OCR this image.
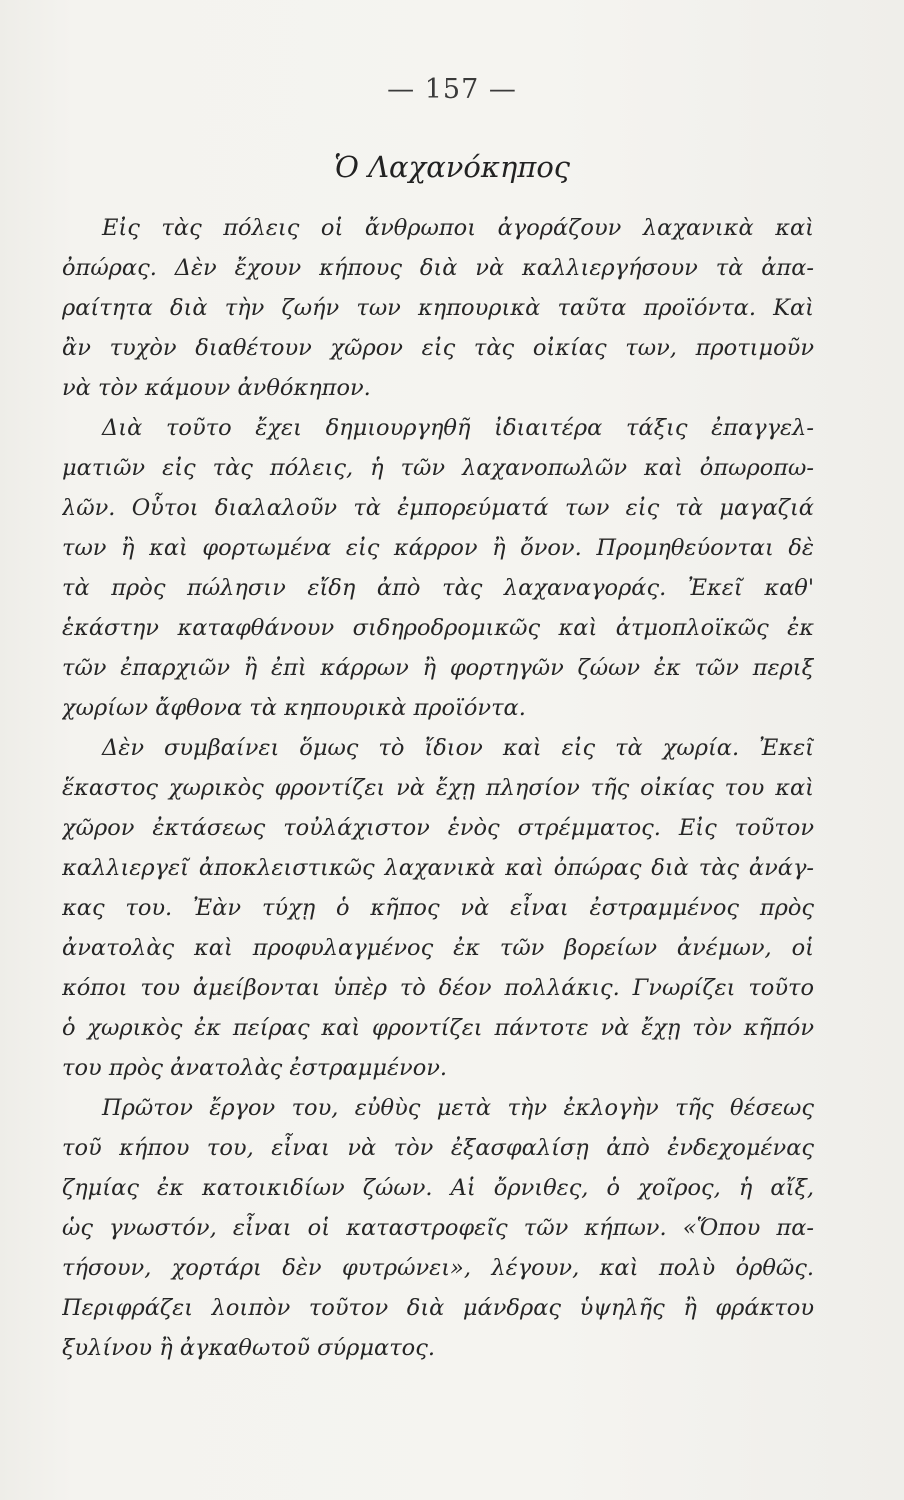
— 157 —
Ὁ Λαχανόκηπος
Εἰς τὰς πόλεις οἱ ἄνθρωποι ἀγοράζουν λαχανικὰ καὶ
ὀπώρας. Δὲν ἔχουν κήπους διὰ νὰ καλλιεργήσουν τὰ ἀπα-
ραίτητα διὰ τὴν ζωήν των κηπουρικὰ ταῦτα προϊόντα. Καὶ
ἂν τυχὸν διαθέτουν χῶρον εἰς τὰς οἰκίας των, προτιμοῦν
νὰ τὸν κάμουν ἀνθόκηπον.
Διὰ τοῦτο ἔχει δημιουργηθῆ ἰδιαιτέρα τάξις ἐπαγγελ-
ματιῶν εἰς τὰς πόλεις, ἡ τῶν λαχανοπωλῶν καὶ ὀπωροπω-
λῶν. Οὗτοι διαλαλοῦν τὰ ἐμπορεύματά των εἰς τὰ μαγαζιά
των ἢ καὶ φορτωμένα εἰς κάρρον ἢ ὄνον. Προμηθεύονται δὲ
τὰ πρὸς πώλησιν εἴδη ἀπὸ τὰς λαχαναγοράς. Ἐκεῖ καθ'
ἑκάστην καταφθάνουν σιδηροδρομικῶς καὶ ἀτμοπλοϊκῶς ἐκ
τῶν ἐπαρχιῶν ἢ ἐπὶ κάρρων ἢ φορτηγῶν ζώων ἐκ τῶν περιξ
χωρίων ἄφθονα τὰ κηπουρικὰ προϊόντα.
Δὲν συμβαίνει ὅμως τὸ ἴδιον καὶ εἰς τὰ χωρία. Ἐκεῖ
ἕκαστος χωρικὸς φροντίζει νὰ ἔχῃ πλησίον τῆς οἰκίας του καὶ
χῶρον ἐκτάσεως τοὐλάχιστον ἑνὸς στρέμματος. Εἰς τοῦτον
καλλιεργεῖ ἀποκλειστικῶς λαχανικὰ καὶ ὀπώρας διὰ τὰς ἀνάγ-
κας του. Ἐὰν τύχῃ ὁ κῆπος νὰ εἶναι ἐστραμμένος πρὸς
ἀνατολὰς καὶ προφυλαγμένος ἐκ τῶν βορείων ἀνέμων, οἱ
κόποι του ἀμείβονται ὑπὲρ τὸ δέον πολλάκις. Γνωρίζει τοῦτο
ὁ χωρικὸς ἐκ πείρας καὶ φροντίζει πάντοτε νὰ ἔχῃ τὸν κῆπόν
του πρὸς ἀνατολὰς ἐστραμμένον.
Πρῶτον ἔργον του, εὐθὺς μετὰ τὴν ἐκλογὴν τῆς θέσεως
τοῦ κήπου του, εἶναι νὰ τὸν ἐξασφαλίσῃ ἀπὸ ἐνδεχομένας
ζημίας ἐκ κατοικιδίων ζώων. Αἱ ὄρνιθες, ὁ χοῖρος, ἡ αἴξ,
ὡς γνωστόν, εἶναι οἱ καταστροφεῖς τῶν κήπων. «Ὅπου πα-
τήσουν, χορτάρι δὲν φυτρώνει», λέγουν, καὶ πολὺ ὀρθῶς.
Περιφράζει λοιπὸν τοῦτον διὰ μάνδρας ὑψηλῆς ἢ φράκτου
ξυλίνου ἢ ἀγκαθωτοῦ σύρματος.
